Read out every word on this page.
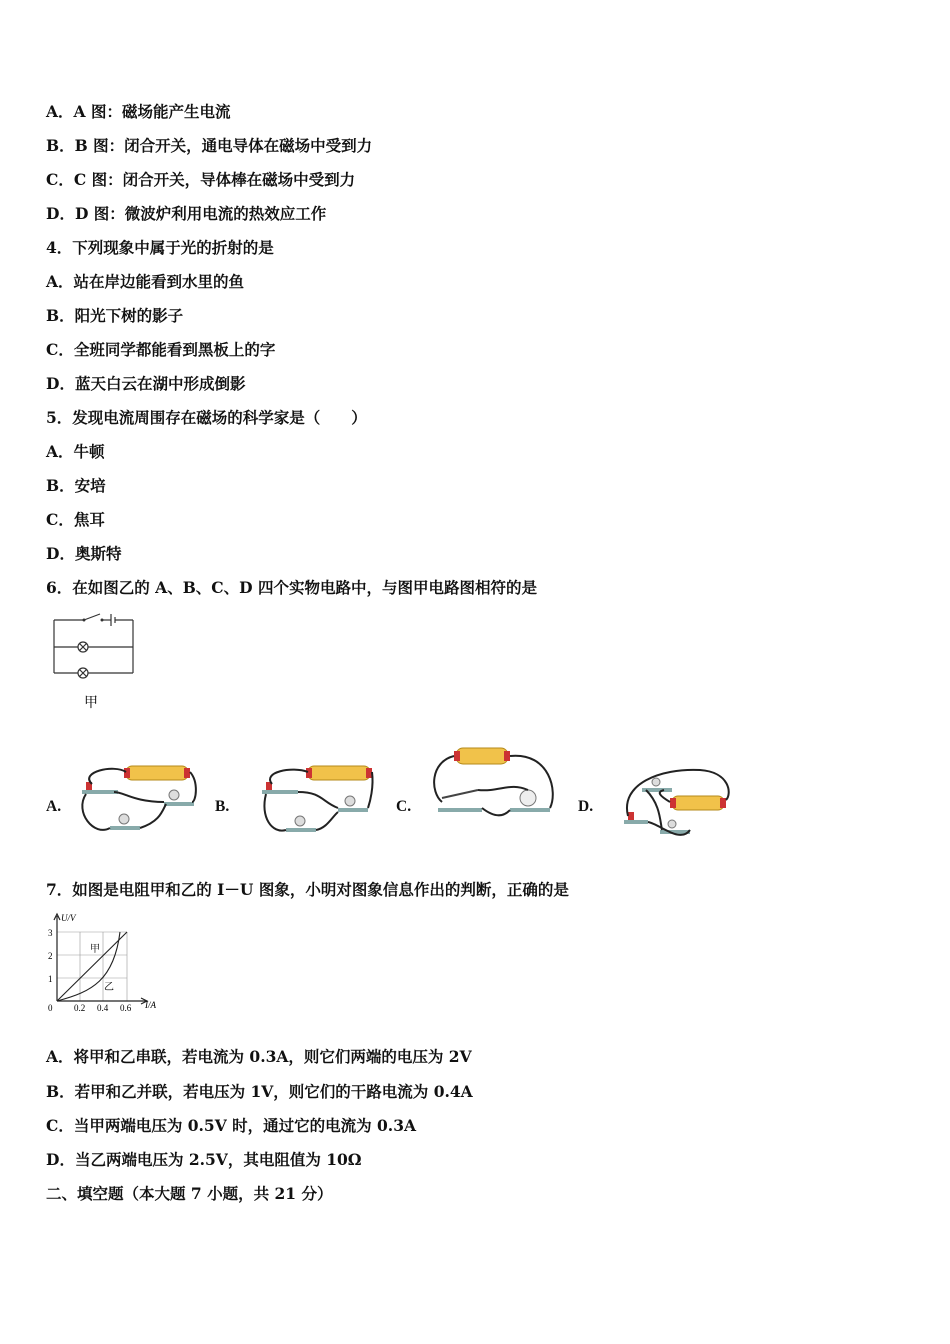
A．A 图：磁场能产生电流
B．B 图：闭合开关，通电导体在磁场中受到力
C．C 图：闭合开关，导体棒在磁场中受到力
D．D 图：微波炉利用电流的热效应工作
4．下列现象中属于光的折射的是
A．站在岸边能看到水里的鱼
B．阳光下树的影子
C．全班同学都能看到黑板上的字
D．蓝天白云在湖中形成倒影
5．发现电流周围存在磁场的科学家是（　　）
A．牛顿
B．安培
C．焦耳
D．奥斯特
6．在如图乙的 A、B、C、D 四个实物电路中，与图甲电路图相符的是
甲
A.	B.	C.	D.
7．如图是电阻甲和乙的 I－U 图象，小明对图象信息作出的判断，正确的是
U/V
I/A
3
2
1
0 0.2 0.4 0.6
甲
乙
A．将甲和乙串联，若电流为 0.3A，则它们两端的电压为 2V
B．若甲和乙并联，若电压为 1V，则它们的干路电流为 0.4A
C．当甲两端电压为 0.5V 时，通过它的电流为 0.3A
D．当乙两端电压为 2.5V，其电阻值为 10Ω
二、填空题（本大题 7 小题，共 21 分）
